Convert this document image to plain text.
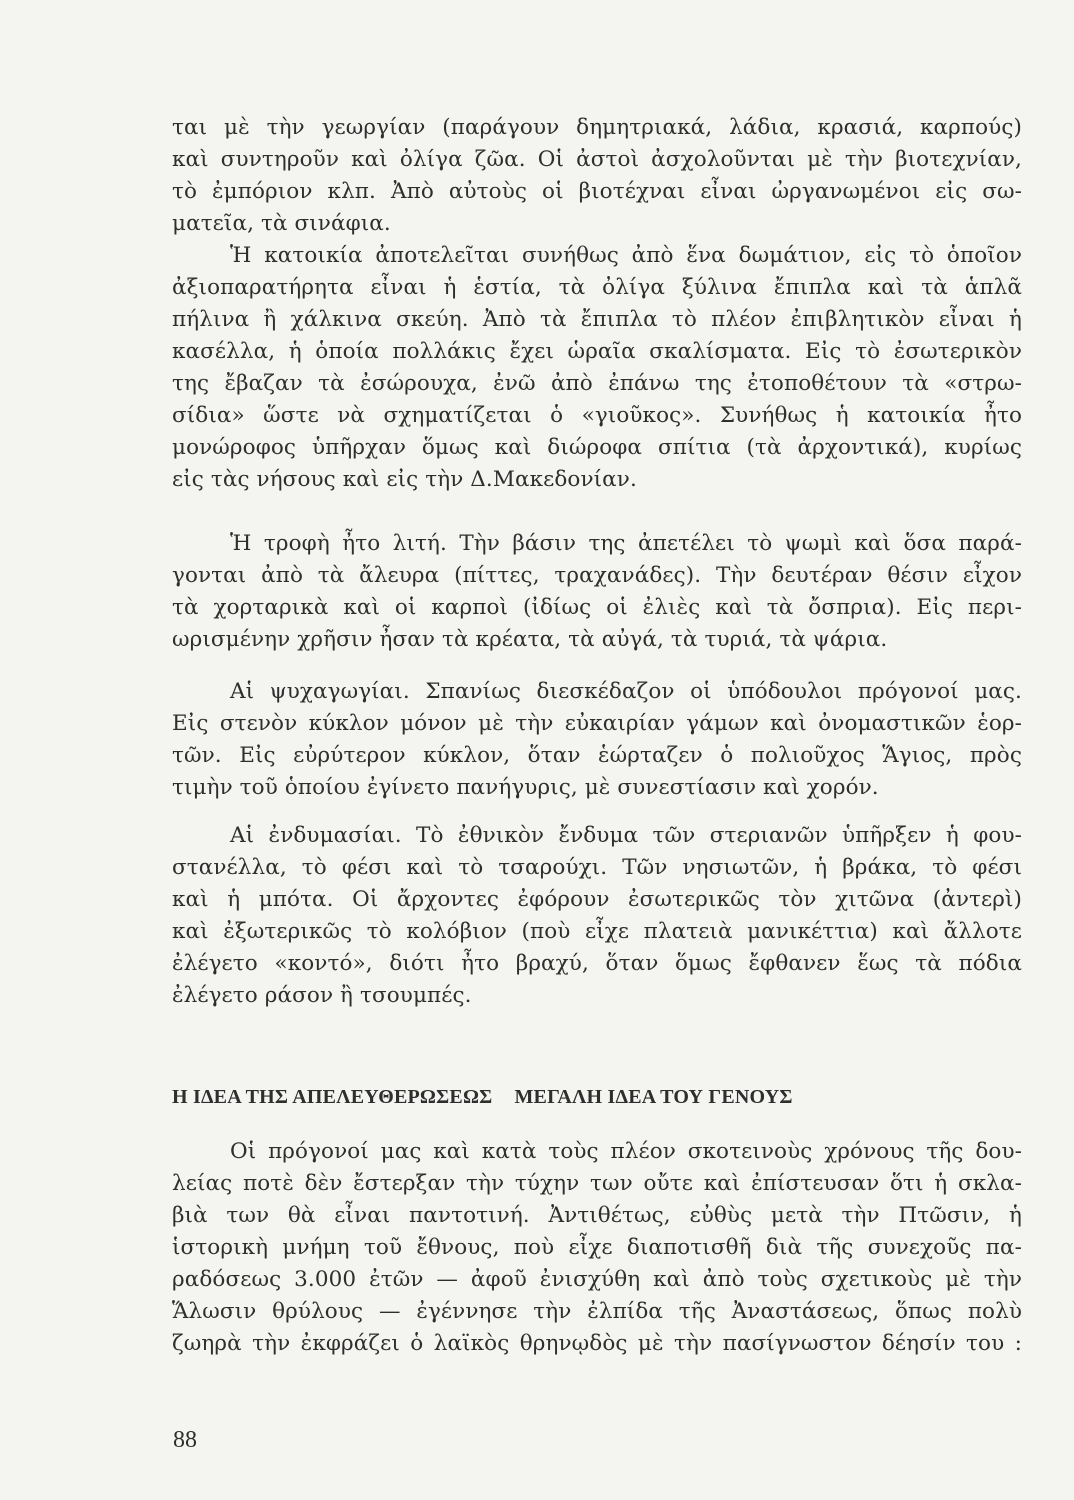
ται μὲ τὴν γεωργίαν (παράγουν δημητριακά, λάδια, κρασιά, καρπούς)
καὶ συντηροῦν καὶ ὀλίγα ζῶα. Οἱ ἀστοὶ ἀσχολοῦνται μὲ τὴν βιοτεχνίαν,
τὸ ἐμπόριον κλπ. Ἀπὸ αὐτοὺς οἱ βιοτέχναι εἶναι ὠργανωμένοι εἰς σω-
ματεῖα, τὰ σινάφια.
Ἡ κατοικία ἀποτελεῖται συνήθως ἀπὸ ἕνα δωμάτιον, εἰς τὸ ὁποῖον
ἀξιοπαρατήρητα εἶναι ἡ ἑστία, τὰ ὀλίγα ξύλινα ἔπιπλα καὶ τὰ ἁπλᾶ
πήλινα ἢ χάλκινα σκεύη. Ἀπὸ τὰ ἔπιπλα τὸ πλέον ἐπιβλητικὸν εἶναι ἡ
κασέλλα, ἡ ὁποία πολλάκις ἔχει ὡραῖα σκαλίσματα. Εἰς τὸ ἐσωτερικὸν
της ἔβαζαν τὰ ἐσώρουχα, ἐνῶ ἀπὸ ἐπάνω της ἐτοποθέτουν τὰ «στρω-
σίδια» ὥστε νὰ σχηματίζεται ὁ «γιοῦκος». Συνήθως ἡ κατοικία ἦτο
μονώροφος ὑπῆρχαν ὅμως καὶ διώροφα σπίτια (τὰ ἀρχοντικά), κυρίως
εἰς τὰς νήσους καὶ εἰς τὴν Δ.Μακεδονίαν.
Ἡ τροφὴ ἦτο λιτή. Τὴν βάσιν της ἀπετέλει τὸ ψωμὶ καὶ ὅσα παρά-
γονται ἀπὸ τὰ ἄλευρα (πίττες, τραχανάδες). Τὴν δευτέραν θέσιν εἶχον
τὰ χορταρικὰ καὶ οἱ καρποὶ (ἰδίως οἱ ἐλιὲς καὶ τὰ ὄσπρια). Εἰς περι-
ωρισμένην χρῆσιν ἦσαν τὰ κρέατα, τὰ αὐγά, τὰ τυριά, τὰ ψάρια.
Αἱ ψυχαγωγίαι. Σπανίως διεσκέδαζον οἱ ὑπόδουλοι πρόγονοί μας.
Εἰς στενὸν κύκλον μόνον μὲ τὴν εὐκαιρίαν γάμων καὶ ὀνομαστικῶν ἑορ-
τῶν. Εἰς εὐρύτερον κύκλον, ὅταν ἑώρταζεν ὁ πολιοῦχος Ἅγιος, πρὸς
τιμὴν τοῦ ὁποίου ἐγίνετο πανήγυρις, μὲ συνεστίασιν καὶ χορόν.
Αἱ ἐνδυμασίαι. Τὸ ἐθνικὸν ἔνδυμα τῶν στεριανῶν ὑπῆρξεν ἡ φου-
στανέλλα, τὸ φέσι καὶ τὸ τσαρούχι. Τῶν νησιωτῶν, ἡ βράκα, τὸ φέσι
καὶ ἡ μπότα. Οἱ ἄρχοντες ἐφόρουν ἐσωτερικῶς τὸν χιτῶνα (ἀντερὶ)
καὶ ἐξωτερικῶς τὸ κολόβιον (ποὺ εἶχε πλατειὰ μανικέττια) καὶ ἄλλοτε
ἐλέγετο «κοντό», διότι ἦτο βραχύ, ὅταν ὅμως ἔφθανεν ἕως τὰ πόδια
ἐλέγετο ράσον ἢ τσουμπές.
Η ΙΔΕΑ ΤΗΣ ΑΠΕΛΕΥΘΕΡΩΣΕΩΣ ΜΕΓΑΛΗ ΙΔΕΑ ΤΟΥ ΓΕΝΟΥΣ
Οἱ πρόγονοί μας καὶ κατὰ τοὺς πλέον σκοτεινοὺς χρόνους τῆς δου-
λείας ποτὲ δὲν ἔστερξαν τὴν τύχην των οὔτε καὶ ἐπίστευσαν ὅτι ἡ σκλα-
βιὰ των θὰ εἶναι παντοτινή. Ἀντιθέτως, εὐθὺς μετὰ τὴν Πτῶσιν, ἡ
ἱστορικὴ μνήμη τοῦ ἔθνους, ποὺ εἶχε διαποτισθῆ διὰ τῆς συνεχοῦς πα-
ραδόσεως 3.000 ἐτῶν — ἀφοῦ ἐνισχύθη καὶ ἀπὸ τοὺς σχετικοὺς μὲ τὴν
Ἅλωσιν θρύλους — ἐγέννησε τὴν ἐλπίδα τῆς Ἀναστάσεως, ὅπως πολὺ
ζωηρὰ τὴν ἐκφράζει ὁ λαϊκὸς θρηνῳδὸς μὲ τὴν πασίγνωστον δέησίν του :
88
